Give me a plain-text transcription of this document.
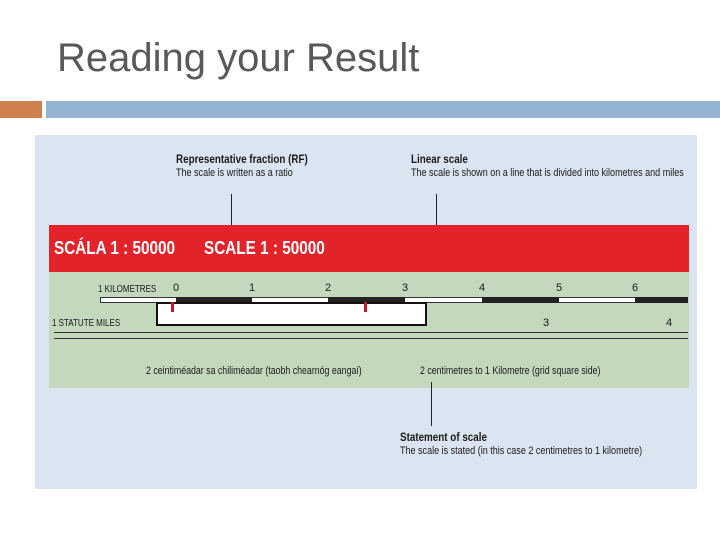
Reading your Result
Representative fraction (RF)
The scale is written as a ratio
Linear scale
The scale is shown on a line that is divided into kilometres and miles
SCÁLA 1 : 50000 SCALE 1 : 50000
1 KILOMETRES 0	1	2	3	4	5	6
1 STATUTE MILES	3	4
2 ceintiméadar sa chiliméadar (taobh chearnóg eangaí)	2 centimetres to 1 Kilometre (grid square side)
Statement of scale
The scale is stated (in this case 2 centimetres to 1 kilometre)
